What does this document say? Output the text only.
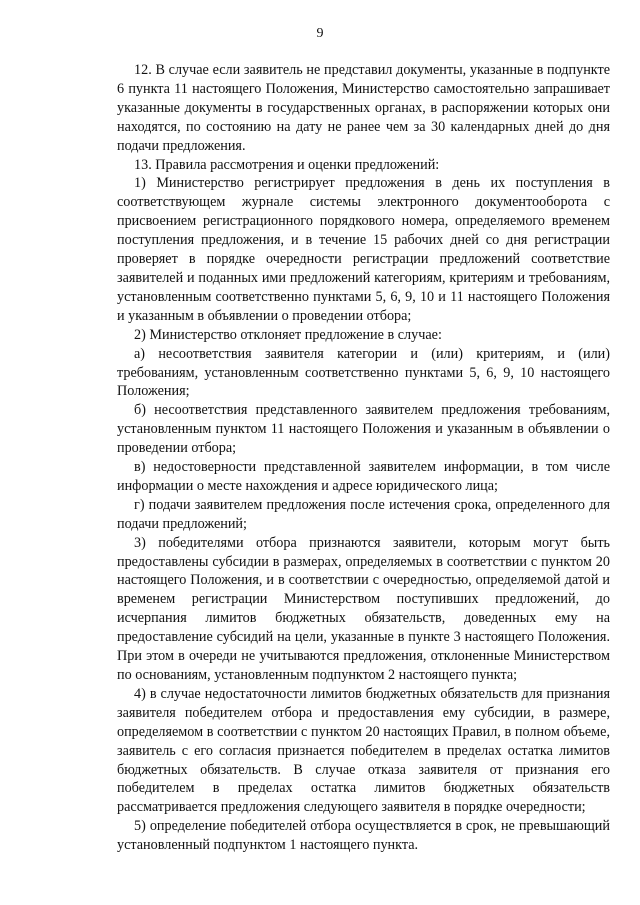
9

12. В случае если заявитель не представил документы, указанные в подпункте 6 пункта 11 настоящего Положения, Министерство самостоятельно запрашивает указанные документы в государственных органах, в распоряжении которых они находятся, по состоянию на дату не ранее чем за 30 календарных дней до дня подачи предложения.

13. Правила рассмотрения и оценки предложений:

1) Министерство регистрирует предложения в день их поступления в соответствующем журнале системы электронного документооборота с присвоением регистрационного порядкового номера, определяемого временем поступления предложения, и в течение 15 рабочих дней со дня регистрации проверяет в порядке очередности регистрации предложений соответствие заявителей и поданных ими предложений категориям, критериям и требованиям, установленным соответственно пунктами 5, 6, 9, 10 и 11 настоящего Положения и указанным в объявлении о проведении отбора;

2) Министерство отклоняет предложение в случае:

а) несоответствия заявителя категории и (или) критериям, и (или) требованиям, установленным соответственно пунктами 5, 6, 9, 10 настоящего Положения;

б) несоответствия представленного заявителем предложения требованиям, установленным пунктом 11 настоящего Положения и указанным в объявлении о проведении отбора;

в) недостоверности представленной заявителем информации, в том числе информации о месте нахождения и адресе юридического лица;

г) подачи заявителем предложения после истечения срока, определенного для подачи предложений;

3) победителями отбора признаются заявители, которым могут быть предоставлены субсидии в размерах, определяемых в соответствии с пунктом 20 настоящего Положения, и в соответствии с очередностью, определяемой датой и временем регистрации Министерством поступивших предложений, до исчерпания лимитов бюджетных обязательств, доведенных ему на предоставление субсидий на цели, указанные в пункте 3 настоящего Положения. При этом в очереди не учитываются предложения, отклоненные Министерством по основаниям, установленным подпунктом 2 настоящего пункта;

4) в случае недостаточности лимитов бюджетных обязательств для признания заявителя победителем отбора и предоставления ему субсидии, в размере, определяемом в соответствии с пунктом 20 настоящих Правил, в полном объеме, заявитель с его согласия признается победителем в пределах остатка лимитов бюджетных обязательств. В случае отказа заявителя от признания его победителем в пределах остатка лимитов бюджетных обязательств рассматривается предложения следующего заявителя в порядке очередности;

5) определение победителей отбора осуществляется в срок, не превышающий установленный подпунктом 1 настоящего пункта.
